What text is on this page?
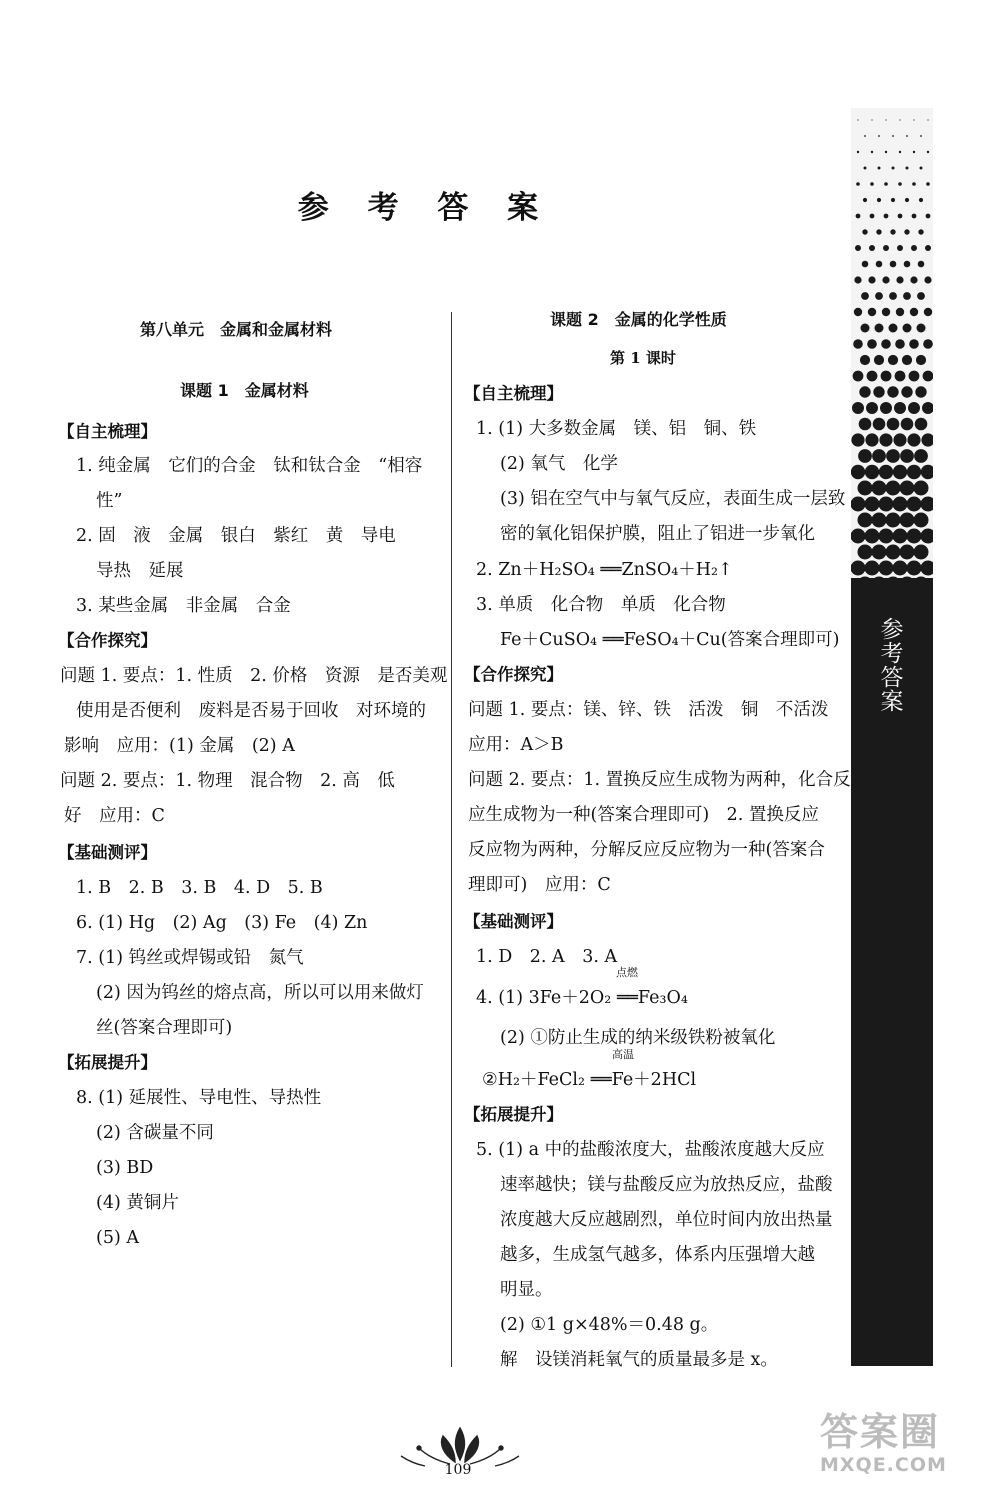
参 考 答 案
第八单元　金属和金属材料
课题 1　金属材料
【自主梳理】
1. 纯金属　它们的合金　钛和钛合金　“相容
性”
2. 固　液　金属　银白　紫红　黄　导电
导热　延展
3. 某些金属　非金属　合金
【合作探究】
问题 1. 要点：1. 性质　2. 价格　资源　是否美观
使用是否便利　废料是否易于回收　对环境的
影响　应用：(1) 金属　(2) A
问题 2. 要点：1. 物理　混合物　2. 高　低
好　应用：C
【基础测评】
1. B　2. B　3. B　4. D　5. B
6. (1) Hg　(2) Ag　(3) Fe　(4) Zn
7. (1) 钨丝或焊锡或铅　氮气
(2) 因为钨丝的熔点高，所以可以用来做灯
丝(答案合理即可)
【拓展提升】
8. (1) 延展性、导电性、导热性
(2) 含碳量不同
(3) BD
(4) 黄铜片
(5) A
课题 2　金属的化学性质
第 1 课时
【自主梳理】
1. (1) 大多数金属　镁、铝　铜、铁
(2) 氧气　化学
(3) 铝在空气中与氧气反应，表面生成一层致
密的氧化铝保护膜，阻止了铝进一步氧化
2. Zn＋H₂SO₄ ══ZnSO₄＋H₂↑
3. 单质　化合物　单质　化合物
Fe＋CuSO₄ ══FeSO₄＋Cu(答案合理即可)
【合作探究】
问题 1. 要点：镁、锌、铁　活泼　铜　不活泼
应用：A＞B
问题 2. 要点：1. 置换反应生成物为两种，化合反
应生成物为一种(答案合理即可)　2. 置换反应
反应物为两种，分解反应反应物为一种(答案合
理即可)　应用：C
【基础测评】
1. D　2. A　3. A
点燃
4. (1) 3Fe＋2O₂ ══Fe₃O₄
(2) ①防止生成的纳米级铁粉被氧化
高温
②H₂＋FeCl₂ ══Fe＋2HCl
【拓展提升】
5. (1) a 中的盐酸浓度大，盐酸浓度越大反应
速率越快；镁与盐酸反应为放热反应，盐酸
浓度越大反应越剧烈，单位时间内放出热量
越多，生成氢气越多，体系内压强增大越
明显。
(2) ①1 g×48%＝0.48 g。
解　设镁消耗氧气的质量最多是 x。
参
考
答
案
109
答案圈
MXQE.COM
